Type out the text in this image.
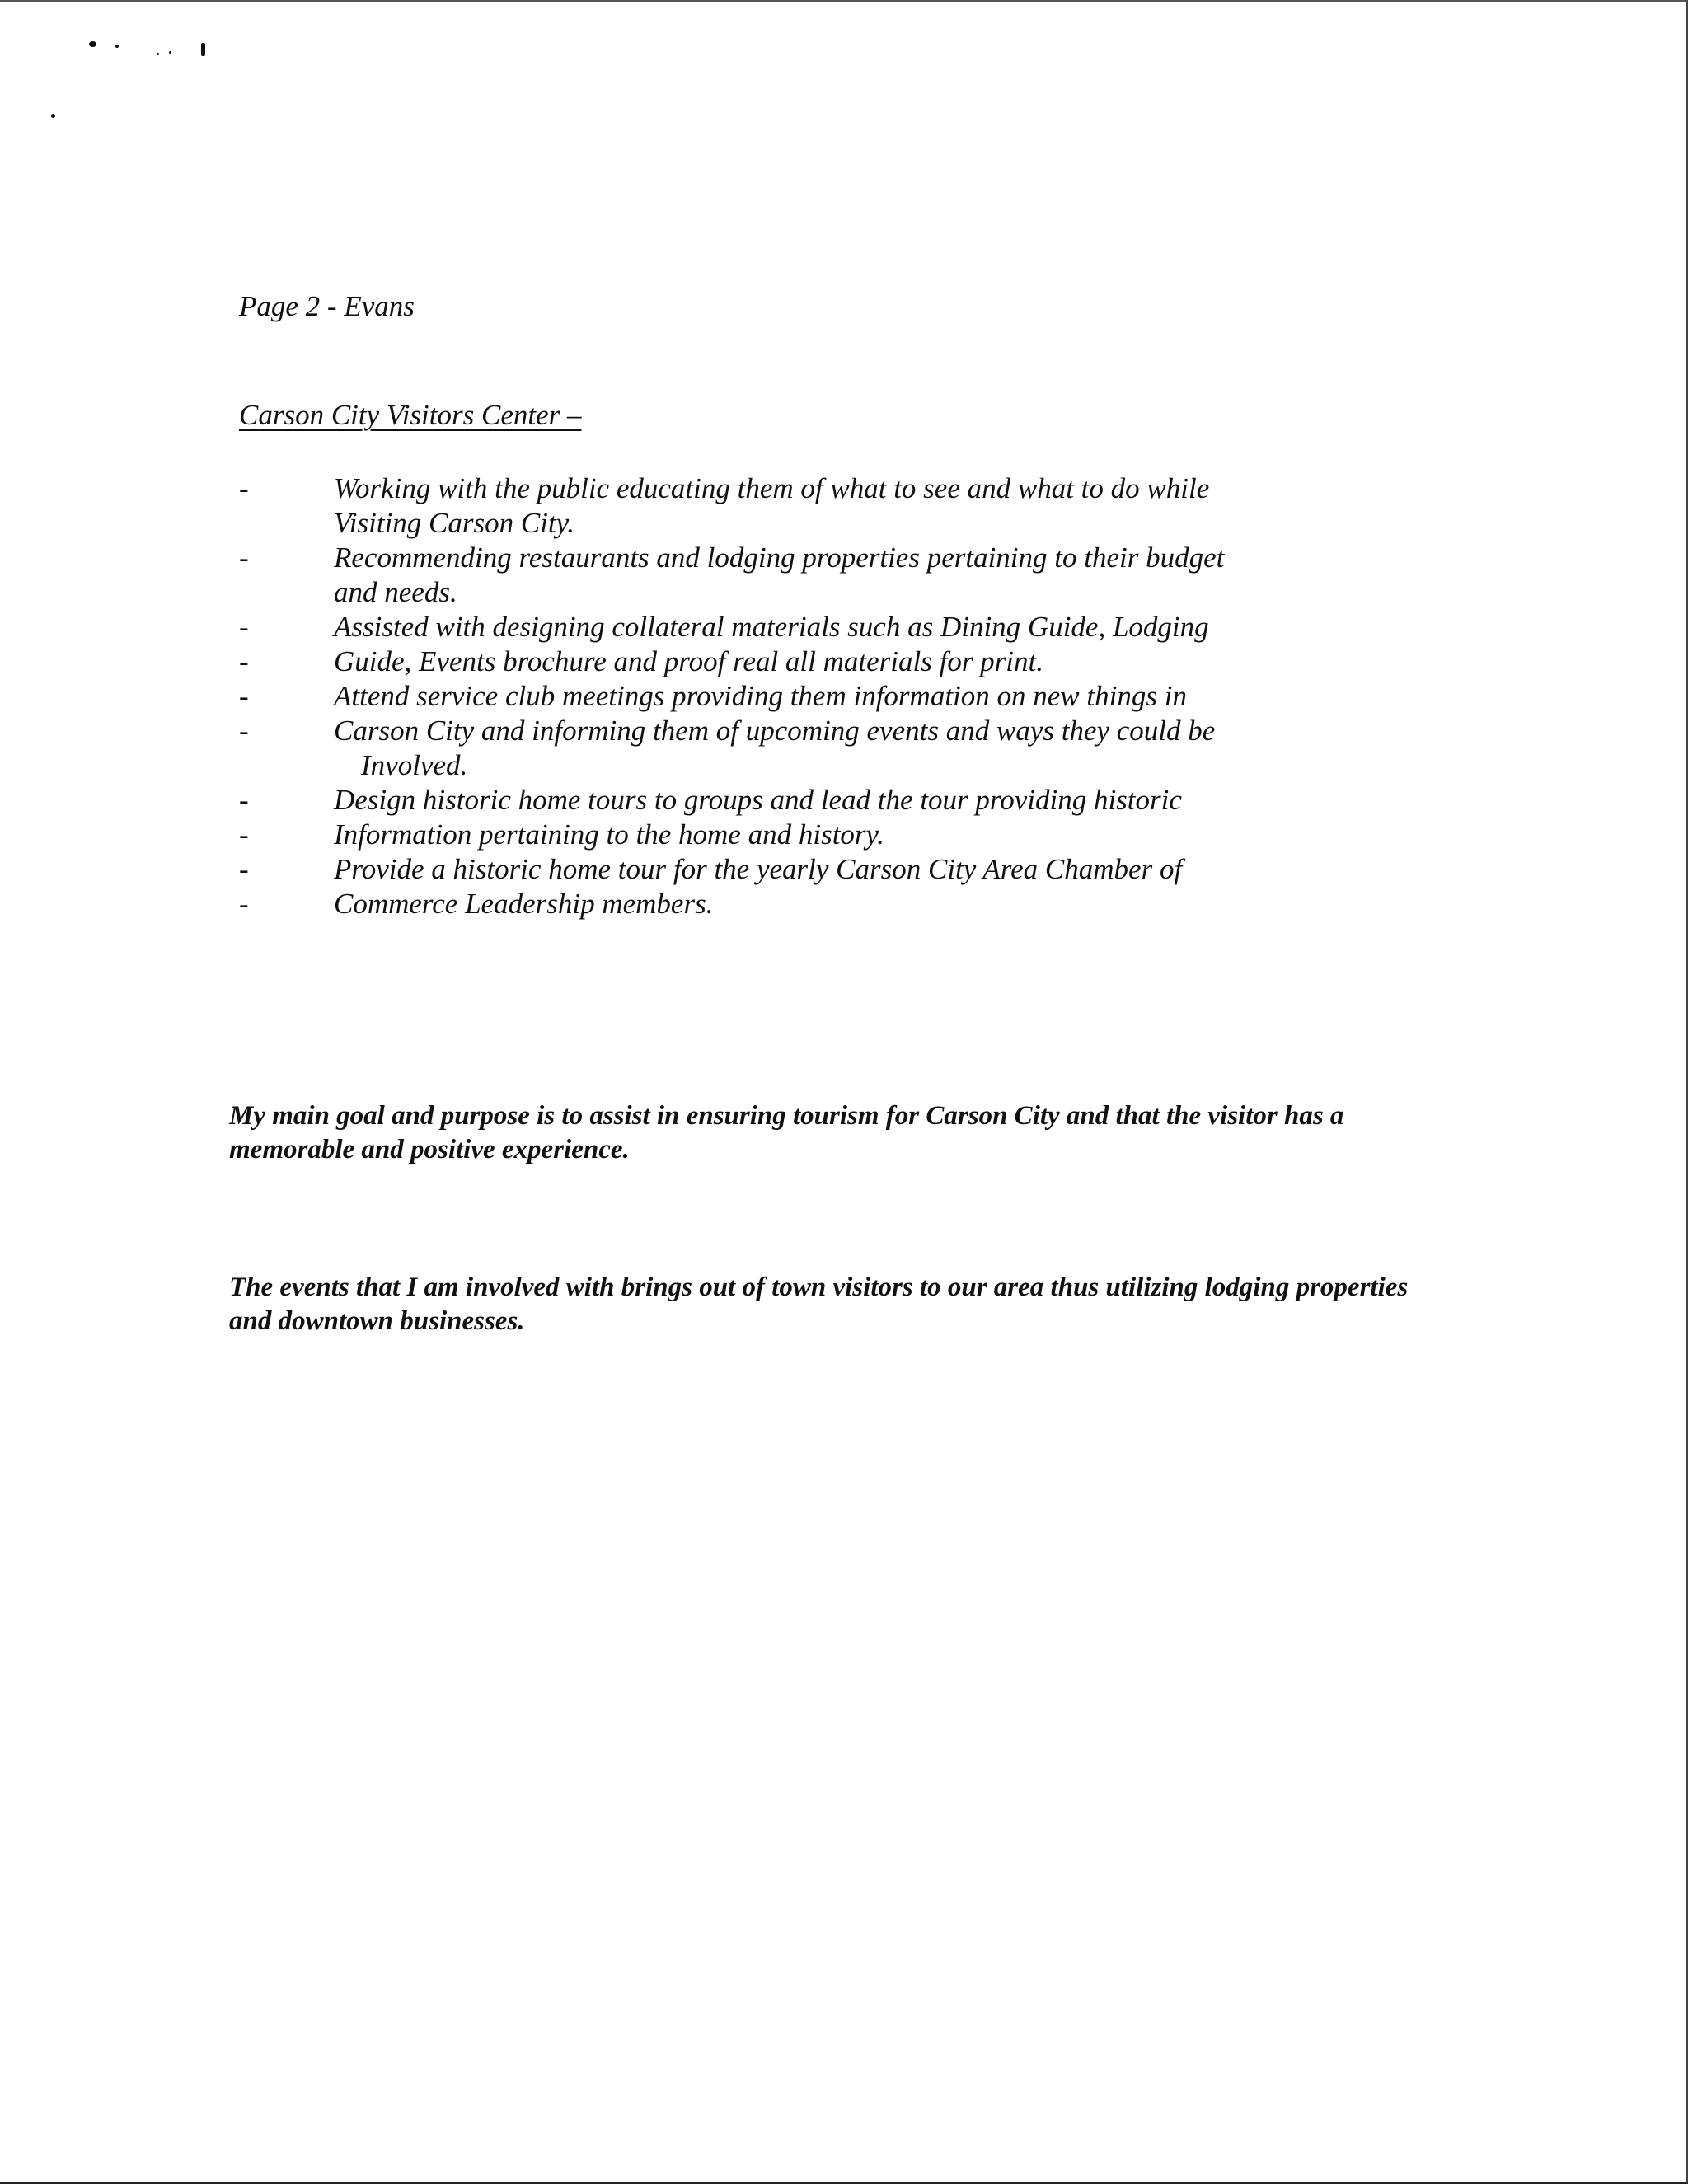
Page 2 - Evans

Carson City Visitors Center –

-	Working with the public educating them of what to see and what to do while
Visiting Carson City.
-	Recommending restaurants and lodging properties pertaining to their budget
and needs.
-	Assisted with designing collateral materials such as Dining Guide, Lodging
-	Guide, Events brochure and proof real all materials for print.
-	Attend service club meetings providing them information on new things in
-	Carson City and informing them of upcoming events and ways they could be
Involved.
-	Design historic home tours to groups and lead the tour providing historic
-	Information pertaining to the home and history.
-	Provide a historic home tour for the yearly Carson City Area Chamber of
-	Commerce Leadership members.

My main goal and purpose is to assist in ensuring tourism for Carson City and that the visitor has a memorable and positive experience.

The events that I am involved with brings out of town visitors to our area thus utilizing lodging properties and downtown businesses.
